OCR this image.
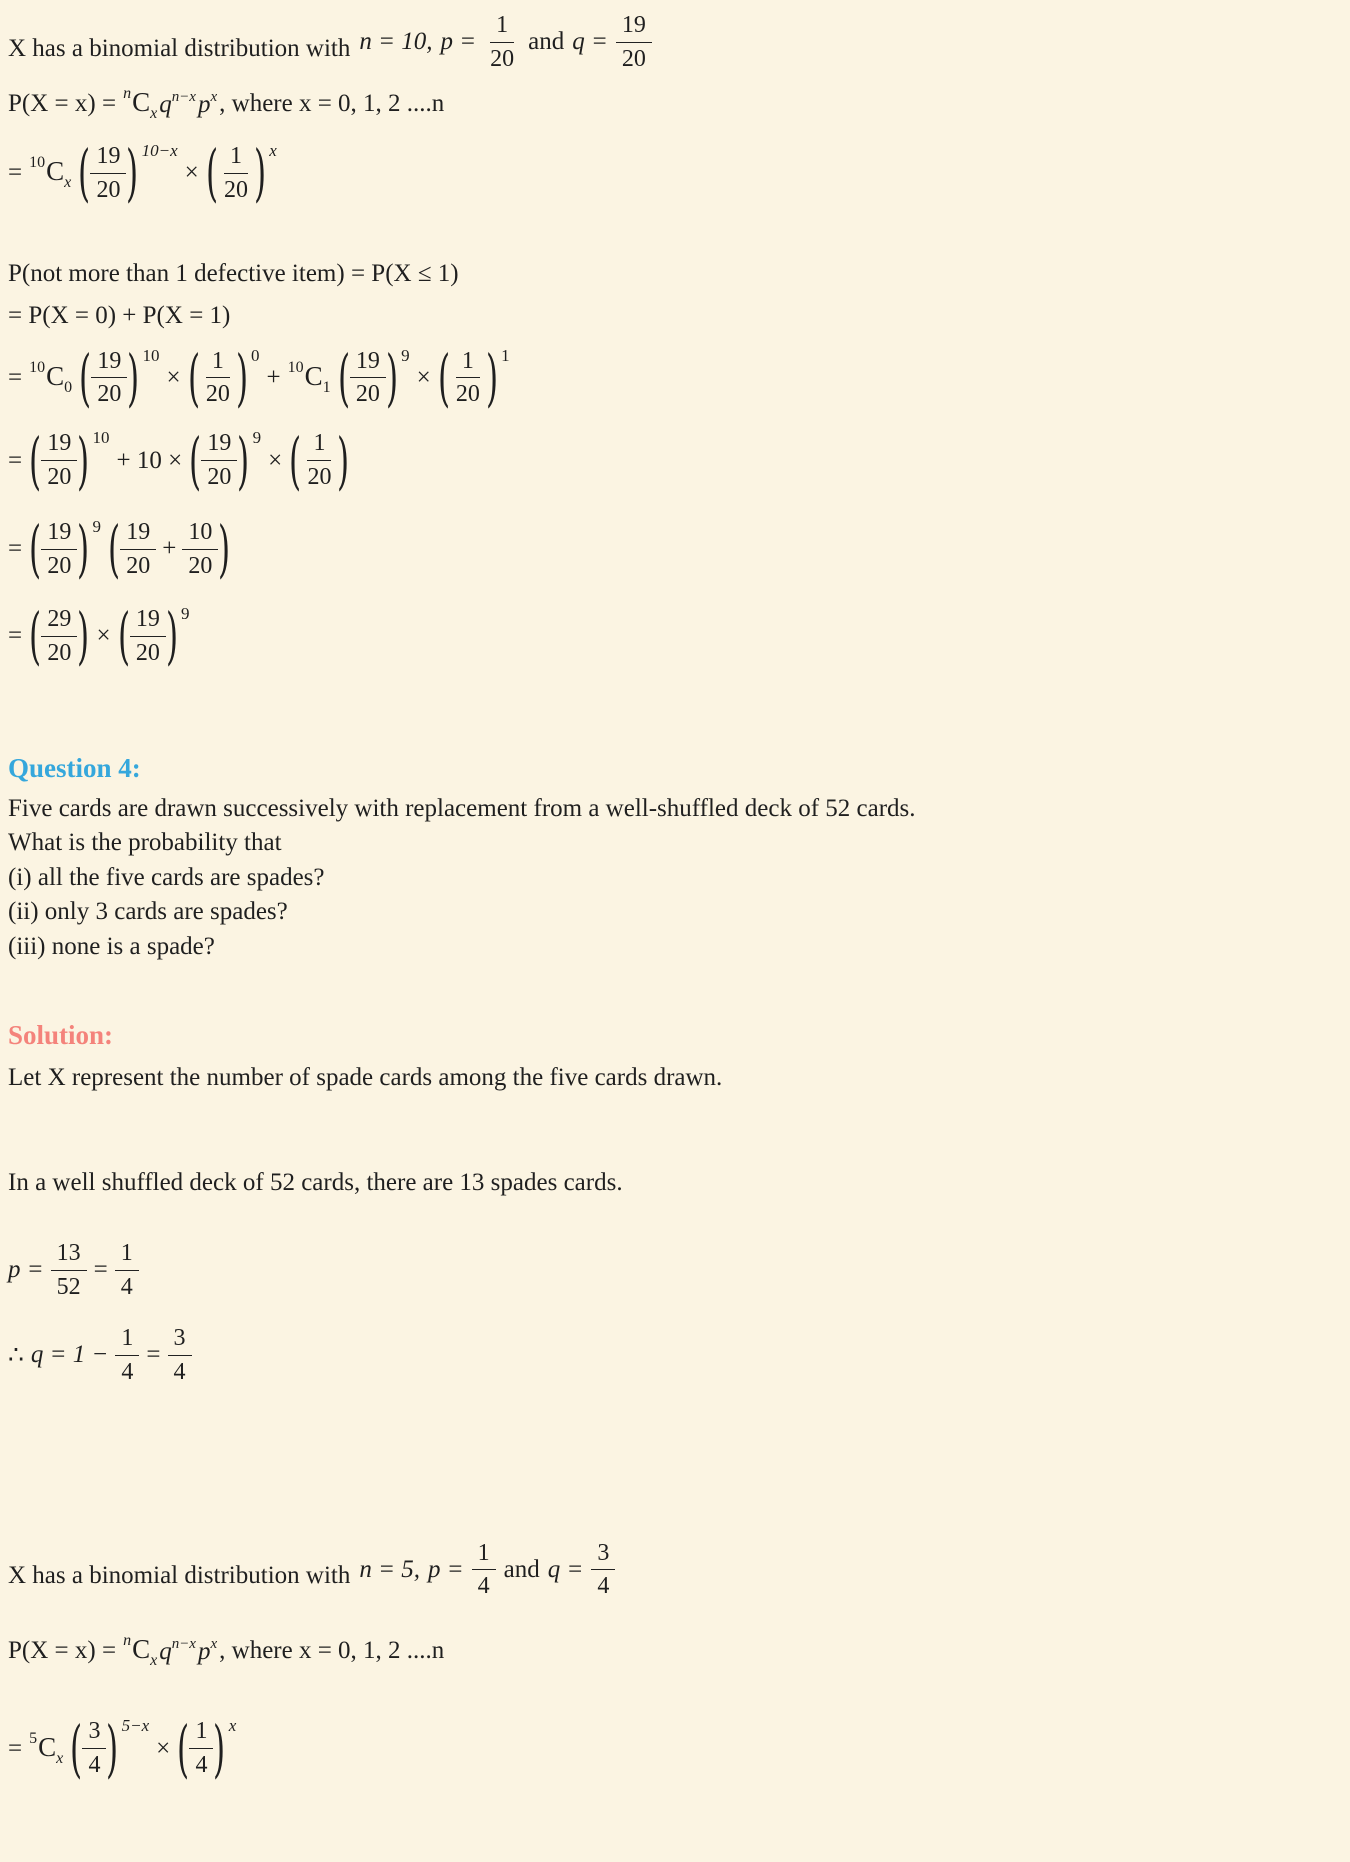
X has a binomial distribution with n = 10, $p = \frac{1}{20}$ and $q = \frac{19}{20}$
$P(X = x) = ^nC_x$ $q^{n-x}$ $p^x$ , where x = 0, 1, 2 ....n
= $^{10}C_x$ ( $\frac{19}{20}$ ) 10−x
× ( $\frac{1}{20}$ ) x
P(not more than 1 defective item) = P(X ≤ 1)
= P(X = 0) + P(X = 1)
= $^{10}C_0$ ( $\frac{19}{20}$ ) 10
× ( $\frac{1}{20}$ ) 0
+ $^{10}C_1$ ( $\frac{19}{20}$ ) 9
× ( $\frac{1}{20}$ ) 1
= ( $\frac{19}{20}$ ) 10
+ 10 × ( $\frac{19}{20}$ ) 9
× ( $\frac{1}{20}$ )
= ( $\frac{19}{20}$ ) 9 ( $\frac{19}{20} + \frac{10}{20}$ )
= ( $\frac{29}{20}$ ) × ( $\frac{19}{20}$ ) 9
Question 4:
Five cards are drawn successively with replacement from a well-shuffled deck of 52 cards.
What is the probability that
(i) all the five cards are spades?
(ii) only 3 cards are spades?
(iii) none is a spade?
Solution:
Let X represent the number of spade cards among the five cards drawn.
In a well shuffled deck of 52 cards, there are 13 spades cards.
$p = \frac{13}{52} = \frac{1}{4}$
∴ $q = 1 - \frac{1}{4} = \frac{3}{4}$
X has a binomial distribution with n = 5, $p = \frac{1}{4}$ and $q = \frac{3}{4}$
$P(X = x) = ^nC_x$ $q^{n-x}$ $p^x$ , where x = 0, 1, 2 ....n
= $^5C_x$ ( $\frac{3}{4}$ ) 5−x
× ( $\frac{1}{4}$ ) x
